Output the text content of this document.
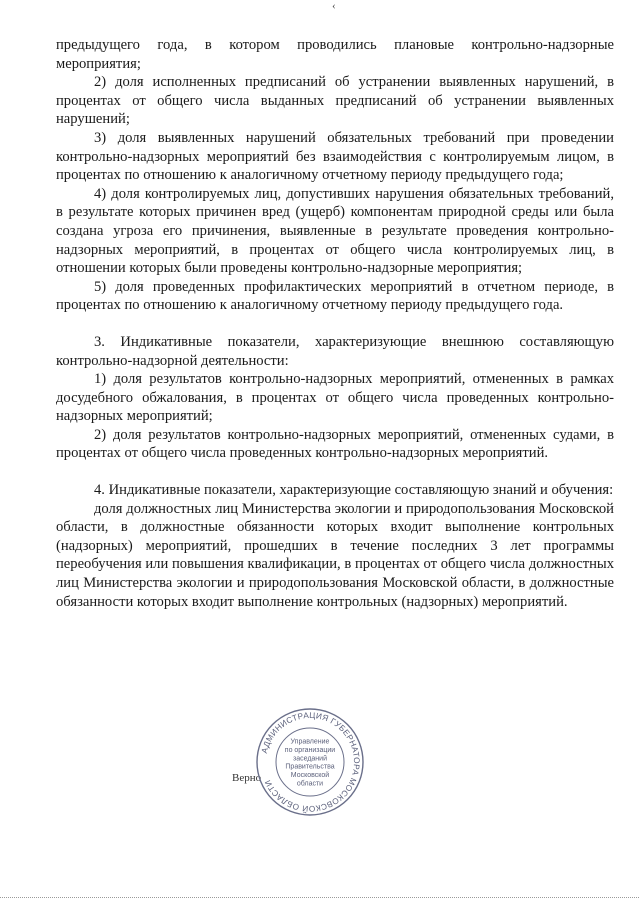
‹

предыдущего года, в котором проводились плановые контрольно-надзорные мероприятия;

2) доля исполненных предписаний об устранении выявленных нарушений, в процентах от общего числа выданных предписаний об устранении выявленных нарушений;

3) доля выявленных нарушений обязательных требований при проведении контрольно-надзорных мероприятий без взаимодействия с контролируемым лицом, в процентах по отношению к аналогичному отчетному периоду предыдущего года;

4) доля контролируемых лиц, допустивших нарушения обязательных требований, в результате которых причинен вред (ущерб) компонентам природной среды или была создана угроза его причинения, выявленные в результате проведения контрольно-надзорных мероприятий, в процентах от общего числа контролируемых лиц, в отношении которых были проведены контрольно-надзорные мероприятия;

5) доля проведенных профилактических мероприятий в отчетном периоде, в процентах по отношению к аналогичному отчетному периоду предыдущего года.

3. Индикативные показатели, характеризующие внешнюю составляющую контрольно-надзорной деятельности:

1) доля результатов контрольно-надзорных мероприятий, отмененных в рамках досудебного обжалования, в процентах от общего числа проведенных контрольно-надзорных мероприятий;

2) доля результатов контрольно-надзорных мероприятий, отмененных судами, в процентах от общего числа проведенных контрольно-надзорных мероприятий.

4. Индикативные показатели, характеризующие составляющую знаний и обучения:

доля должностных лиц Министерства экологии и природопользования Московской области, в должностные обязанности которых входит выполнение контрольных (надзорных) мероприятий, прошедших в течение последних 3 лет программы переобучения или повышения квалификации, в процентах от общего числа должностных лиц Министерства экологии и природопользования Московской области, в должностные обязанности которых входит выполнение контрольных (надзорных) мероприятий.

Верно
АДМИНИСТРАЦИЯ ГУБЕРНАТОРА МОСКОВСКОЙ ОБЛАСТИ
Управление
по организации
заседаний
Правительства
Московской
области
